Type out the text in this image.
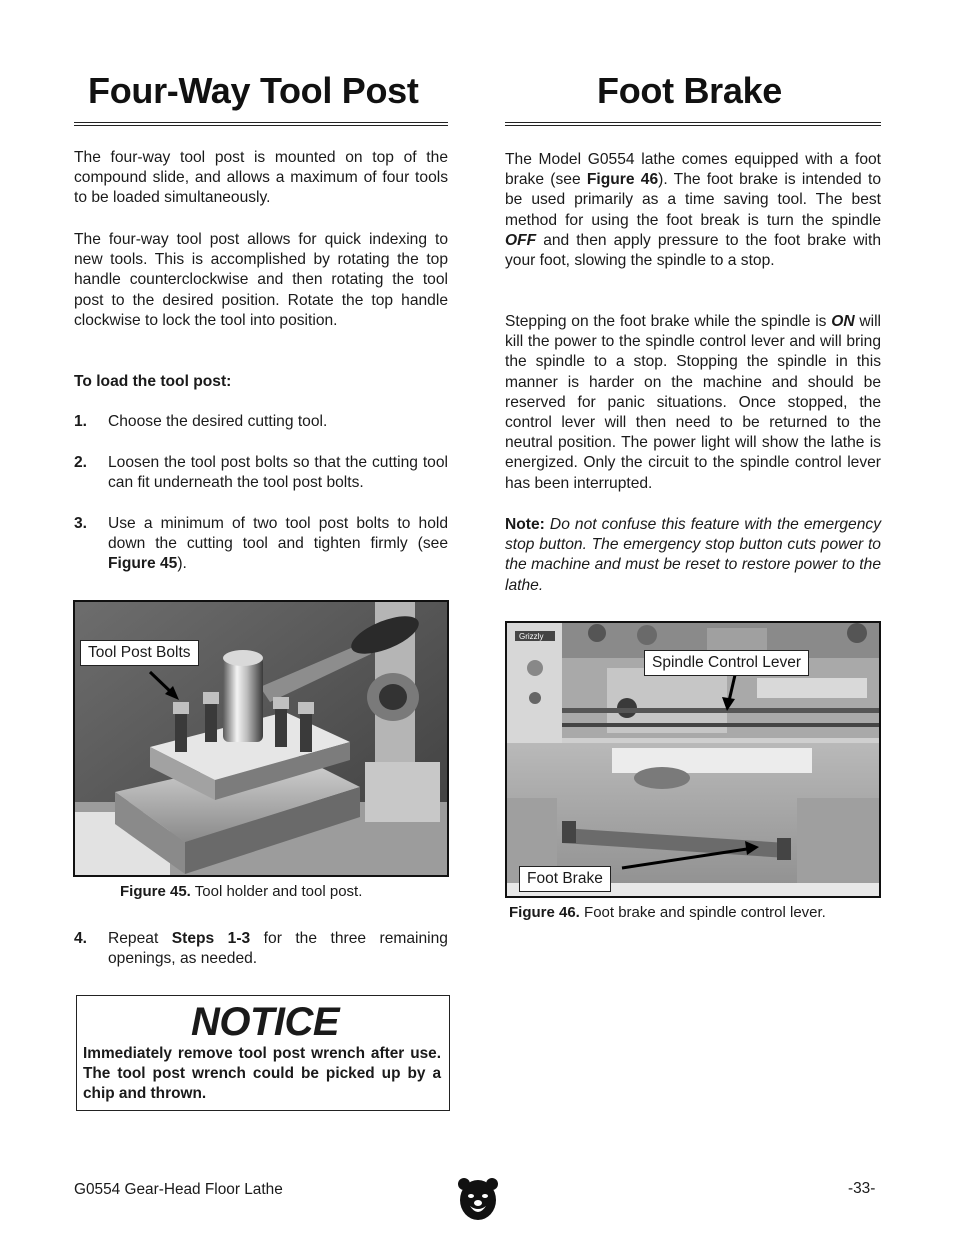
Four-Way Tool Post

The four-way tool post is mounted on top of the compound slide, and allows a maximum of four tools to be loaded simultaneously.

The four-way tool post allows for quick indexing to new tools. This is accomplished by rotating the top handle counterclockwise and then rotating the tool post to the desired position. Rotate the top handle clockwise to lock the tool into position.

To load the tool post:

1. Choose the desired cutting tool.
2. Loosen the tool post bolts so that the cutting tool can fit underneath the tool post bolts.
3. Use a minimum of two tool post bolts to hold down the cutting tool and tighten firmly (see Figure 45).
Tool Post Bolts
Figure 45. Tool holder and tool post.
4. Repeat Steps 1-3 for the three remaining openings, as needed.
NOTICE
Immediately remove tool post wrench after use. The tool post wrench could be picked up by a chip and thrown.
Foot Brake

The Model G0554 lathe comes equipped with a foot brake (see Figure 46). The foot brake is intended to be used primarily as a time saving tool. The best method for using the foot break is turn the spindle OFF and then apply pressure to the foot brake with your foot, slowing the spindle to a stop.

Stepping on the foot brake while the spindle is ON will kill the power to the spindle control lever and will bring the spindle to a stop. Stopping the spindle in this manner is harder on the machine and should be reserved for panic situations. Once stopped, the control lever will then need to be returned to the neutral position. The power light will show the lathe is energized. Only the circuit to the spindle control lever has been interrupted.

Note: Do not confuse this feature with the emergency stop button. The emergency stop button cuts power to the machine and must be reset to restore power to the lathe.

Grizzly
Spindle Control Lever
Foot Brake
Figure 46. Foot brake and spindle control lever.
G0554 Gear-Head Floor Lathe	-33-
